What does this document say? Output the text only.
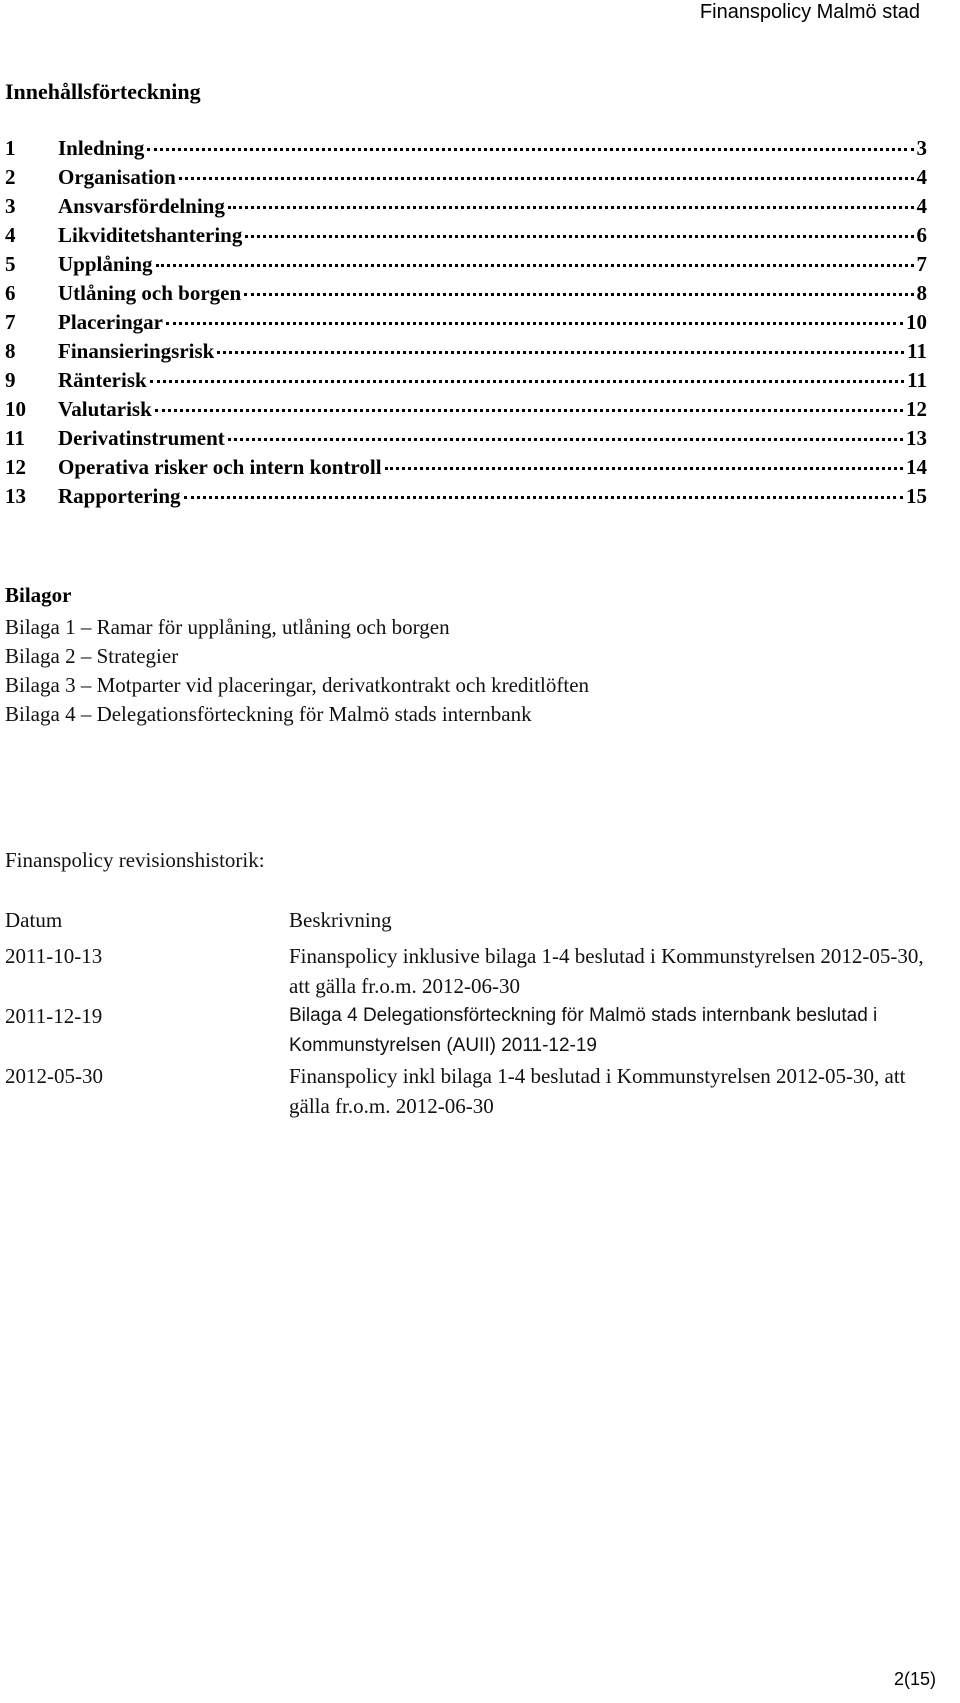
Finanspolicy Malmö stad
Innehållsförteckning
1	Inledning	3
2	Organisation	4
3	Ansvarsfördelning	4
4	Likviditetshantering	6
5	Upplåning	7
6	Utlåning och borgen	8
7	Placeringar	10
8	Finansieringsrisk	11
9	Ränterisk	11
10	Valutarisk	12
11	Derivatinstrument	13
12	Operativa risker och intern kontroll	14
13	Rapportering	15
Bilagor
Bilaga 1 – Ramar för upplåning, utlåning och borgen
Bilaga 2 – Strategier
Bilaga 3 – Motparter vid placeringar, derivatkontrakt och kreditlöften
Bilaga 4 – Delegationsförteckning för Malmö stads internbank
Finanspolicy revisionshistorik:
Datum	Beskrivning
2011-10-13	Finanspolicy inklusive bilaga 1-4 beslutad i Kommunstyrelsen 2012-05-30, att gälla fr.o.m. 2012-06-30
2011-12-19	Bilaga 4 Delegationsförteckning för Malmö stads internbank beslutad i Kommunstyrelsen (AUII) 2011-12-19
2012-05-30	Finanspolicy inkl bilaga 1-4 beslutad i Kommunstyrelsen 2012-05-30, att gälla fr.o.m. 2012-06-30
2(15)
